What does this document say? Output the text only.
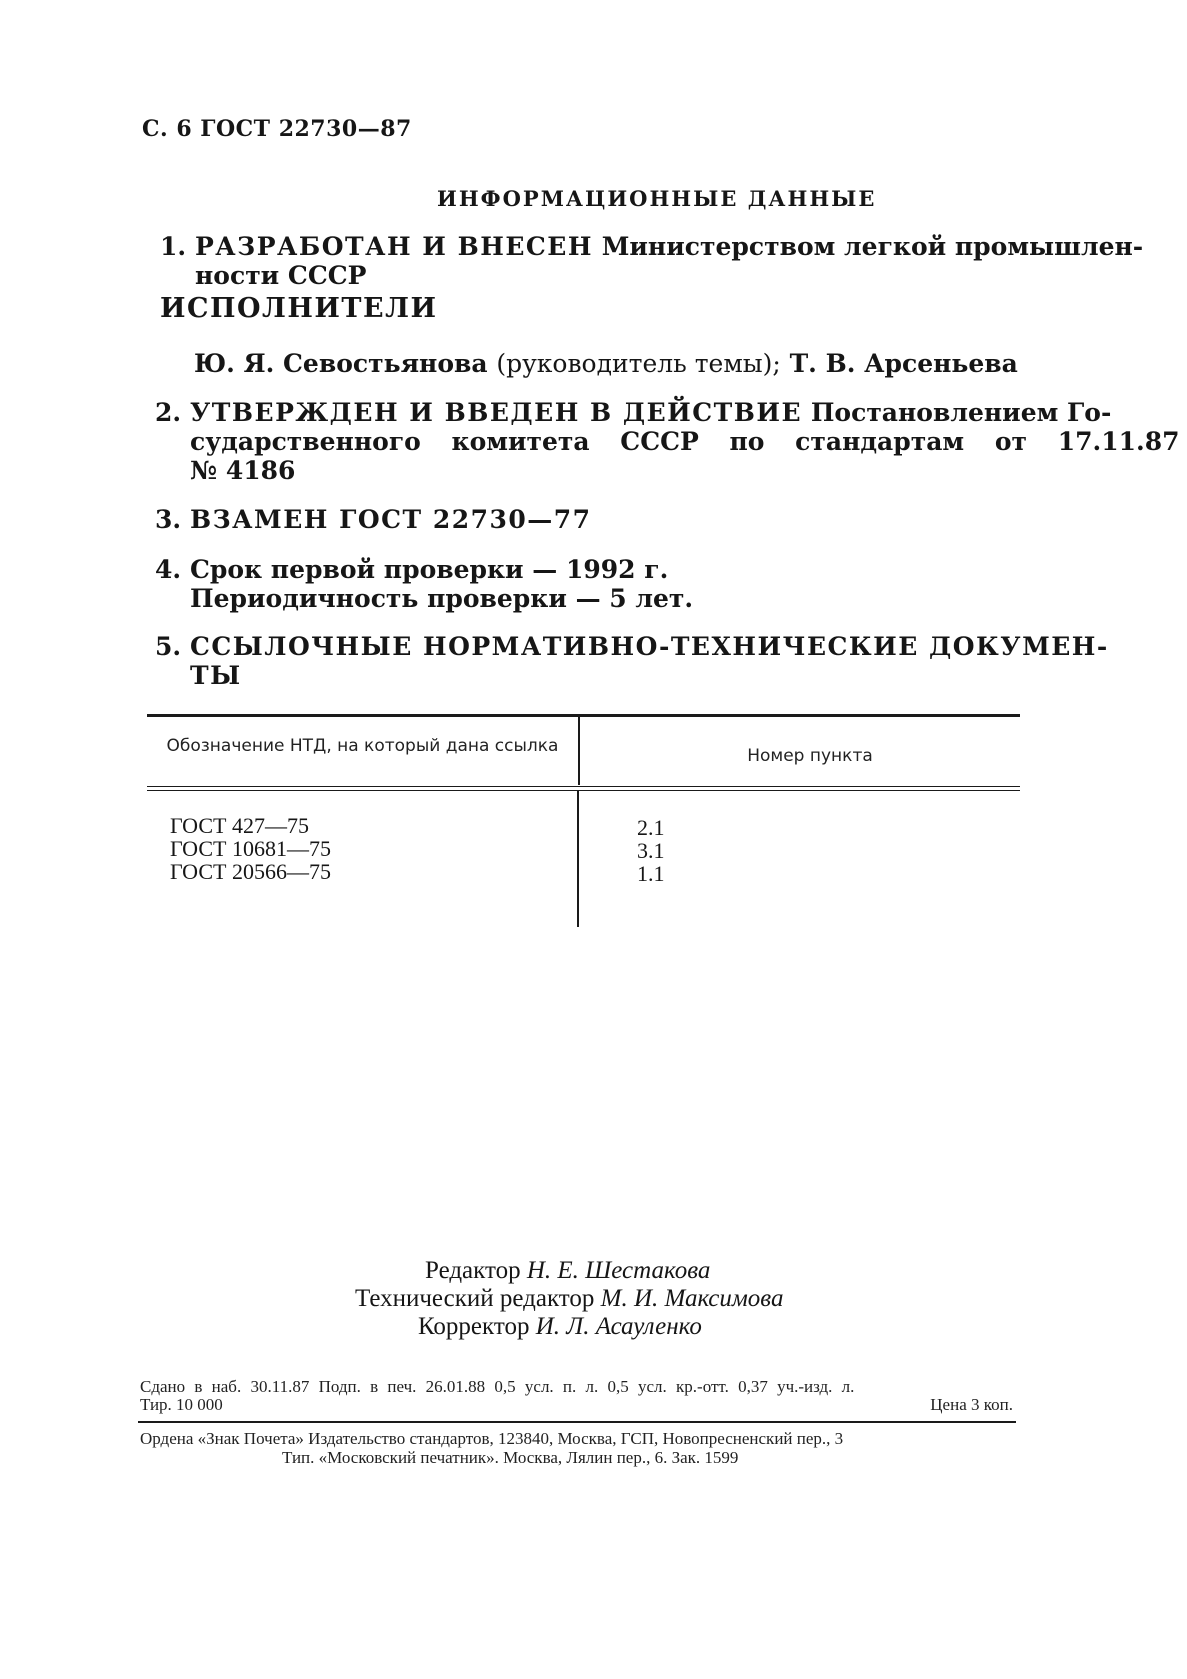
С. 6 ГОСТ 22730—87
ИНФОРМАЦИОННЫЕ ДАННЫЕ
1. РАЗРАБОТАН И ВНЕСЕН Министерством легкой промышлен-
ности СССР
ИСПОЛНИТЕЛИ
Ю. Я. Севостьянова (руководитель темы); Т. В. Арсеньева
2. УТВЕРЖДЕН И ВВЕДЕН В ДЕЙСТВИЕ Постановлением Го-
сударственного комитета СССР по стандартам от 17.11.87
№ 4186
3. ВЗАМЕН ГОСТ 22730—77
4. Срок первой проверки — 1992 г.
Периодичность проверки — 5 лет.
5. ССЫЛОЧНЫЕ НОРМАТИВНО-ТЕХНИЧЕСКИЕ ДОКУМЕН-
ТЫ
Обозначение НТД, на который дана ссылка	Номер пункта
ГОСТ 427—75	2.1
ГОСТ 10681—75	3.1
ГОСТ 20566—75	1.1
Редактор Н. Е. Шестакова
Технический редактор М. И. Максимова
Корректор И. Л. Асауленко
Сдано в наб. 30.11.87 Подп. в печ. 26.01.88 0,5 усл. п. л. 0,5 усл. кр.-отт. 0,37 уч.-изд. л.
Тир. 10 000	Цена 3 коп.
Ордена «Знак Почета» Издательство стандартов, 123840, Москва, ГСП, Новопресненский пер., 3
Тип. «Московский печатник». Москва, Лялин пер., 6. Зак. 1599
